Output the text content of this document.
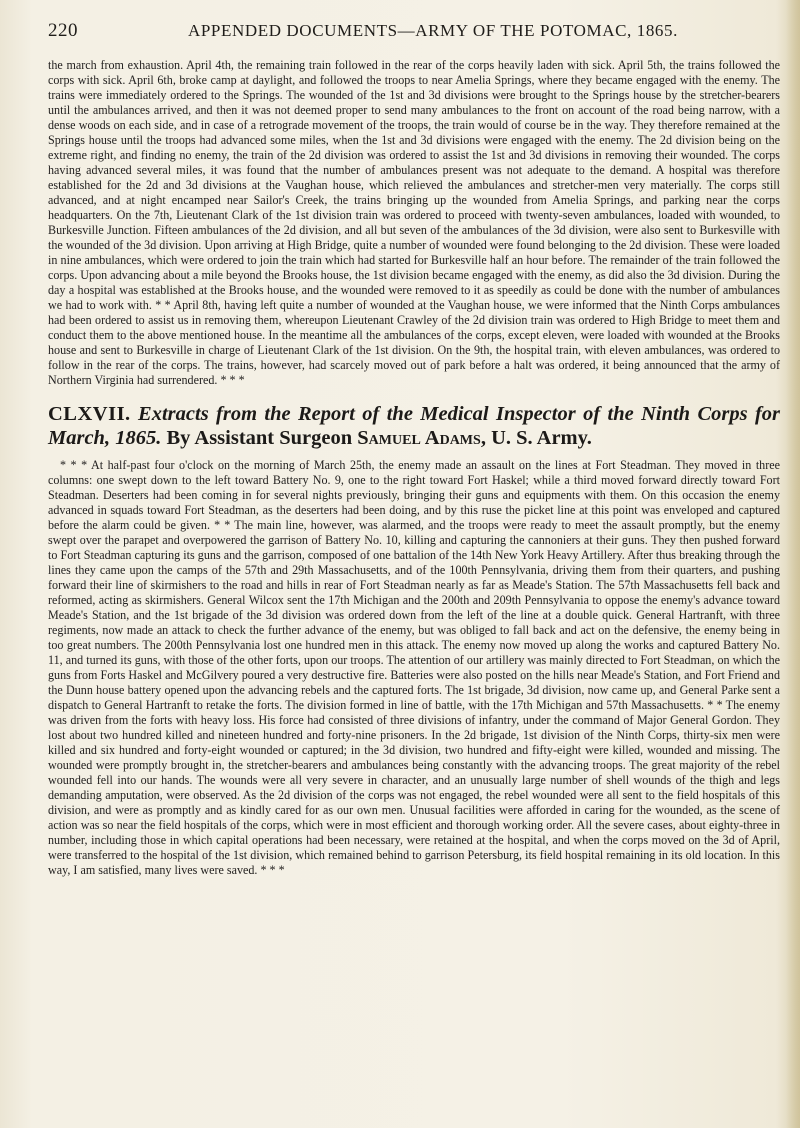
220	APPENDED DOCUMENTS—ARMY OF THE POTOMAC, 1865.

the march from exhaustion. April 4th, the remaining train followed in the rear of the corps heavily laden with sick. April 5th, the trains followed the corps with sick. April 6th, broke camp at daylight, and followed the troops to near Amelia Springs, where they became engaged with the enemy. The trains were immediately ordered to the Springs. The wounded of the 1st and 3d divisions were brought to the Springs house by the stretcher-bearers until the ambulances arrived, and then it was not deemed proper to send many ambulances to the front on account of the road being narrow, with a dense woods on each side, and in case of a retrograde movement of the troops, the train would of course be in the way. They therefore remained at the Springs house until the troops had advanced some miles, when the 1st and 3d divisions were engaged with the enemy. The 2d division being on the extreme right, and finding no enemy, the train of the 2d division was ordered to assist the 1st and 3d divisions in removing their wounded. The corps having advanced several miles, it was found that the number of ambulances present was not adequate to the demand. A hospital was therefore established for the 2d and 3d divisions at the Vaughan house, which relieved the ambulances and stretcher-men very materially. The corps still advanced, and at night encamped near Sailor's Creek, the trains bringing up the wounded from Amelia Springs, and parking near the corps headquarters. On the 7th, Lieutenant Clark of the 1st division train was ordered to proceed with twenty-seven ambulances, loaded with wounded, to Burkesville Junction. Fifteen ambulances of the 2d division, and all but seven of the ambulances of the 3d division, were also sent to Burkesville with the wounded of the 3d division. Upon arriving at High Bridge, quite a number of wounded were found belonging to the 2d division. These were loaded in nine ambulances, which were ordered to join the train which had started for Burkesville half an hour before. The remainder of the train followed the corps. Upon advancing about a mile beyond the Brooks house, the 1st division became engaged with the enemy, as did also the 3d division. During the day a hospital was established at the Brooks house, and the wounded were removed to it as speedily as could be done with the number of ambulances we had to work with. * * April 8th, having left quite a number of wounded at the Vaughan house, we were informed that the Ninth Corps ambulances had been ordered to assist us in removing them, whereupon Lieutenant Crawley of the 2d division train was ordered to High Bridge to meet them and conduct them to the above mentioned house. In the meantime all the ambulances of the corps, except eleven, were loaded with wounded at the Brooks house and sent to Burkesville in charge of Lieutenant Clark of the 1st division. On the 9th, the hospital train, with eleven ambulances, was ordered to follow in the rear of the corps. The trains, however, had scarcely moved out of park before a halt was ordered, it being announced that the army of Northern Virginia had surrendered. * * *

CLXVII. Extracts from the Report of the Medical Inspector of the Ninth Corps for March, 1865. By Assistant Surgeon Samuel Adams, U. S. Army.

* * * At half-past four o'clock on the morning of March 25th, the enemy made an assault on the lines at Fort Steadman. They moved in three columns: one swept down to the left toward Battery No. 9, one to the right toward Fort Haskel; while a third moved forward directly toward Fort Steadman. Deserters had been coming in for several nights previously, bringing their guns and equipments with them. On this occasion the enemy advanced in squads toward Fort Steadman, as the deserters had been doing, and by this ruse the picket line at this point was enveloped and captured before the alarm could be given. * * The main line, however, was alarmed, and the troops were ready to meet the assault promptly, but the enemy swept over the parapet and overpowered the garrison of Battery No. 10, killing and capturing the cannoniers at their guns. They then pushed forward to Fort Steadman capturing its guns and the garrison, composed of one battalion of the 14th New York Heavy Artillery. After thus breaking through the lines they came upon the camps of the 57th and 29th Massachusetts, and of the 100th Pennsylvania, driving them from their quarters, and pushing forward their line of skirmishers to the road and hills in rear of Fort Steadman nearly as far as Meade's Station. The 57th Massachusetts fell back and reformed, acting as skirmishers. General Wilcox sent the 17th Michigan and the 200th and 209th Pennsylvania to oppose the enemy's advance toward Meade's Station, and the 1st brigade of the 3d division was ordered down from the left of the line at a double quick. General Hartranft, with three regiments, now made an attack to check the further advance of the enemy, but was obliged to fall back and act on the defensive, the enemy being in too great numbers. The 200th Pennsylvania lost one hundred men in this attack. The enemy now moved up along the works and captured Battery No. 11, and turned its guns, with those of the other forts, upon our troops. The attention of our artillery was mainly directed to Fort Steadman, on which the guns from Forts Haskel and McGilvery poured a very destructive fire. Batteries were also posted on the hills near Meade's Station, and Fort Friend and the Dunn house battery opened upon the advancing rebels and the captured forts. The 1st brigade, 3d division, now came up, and General Parke sent a dispatch to General Hartranft to retake the forts. The division formed in line of battle, with the 17th Michigan and 57th Massachusetts. * * The enemy was driven from the forts with heavy loss. His force had consisted of three divisions of infantry, under the command of Major General Gordon. They lost about two hundred killed and nineteen hundred and forty-nine prisoners. In the 2d brigade, 1st division of the Ninth Corps, thirty-six men were killed and six hundred and forty-eight wounded or captured; in the 3d division, two hundred and fifty-eight were killed, wounded and missing. The wounded were promptly brought in, the stretcher-bearers and ambulances being constantly with the advancing troops. The great majority of the rebel wounded fell into our hands. The wounds were all very severe in character, and an unusually large number of shell wounds of the thigh and legs demanding amputation, were observed. As the 2d division of the corps was not engaged, the rebel wounded were all sent to the field hospitals of this division, and were as promptly and as kindly cared for as our own men. Unusual facilities were afforded in caring for the wounded, as the scene of action was so near the field hospitals of the corps, which were in most efficient and thorough working order. All the severe cases, about eighty-three in number, including those in which capital operations had been necessary, were retained at the hospital, and when the corps moved on the 3d of April, were transferred to the hospital of the 1st division, which remained behind to garrison Petersburg, its field hospital remaining in its old location. In this way, I am satisfied, many lives were saved. * * *
